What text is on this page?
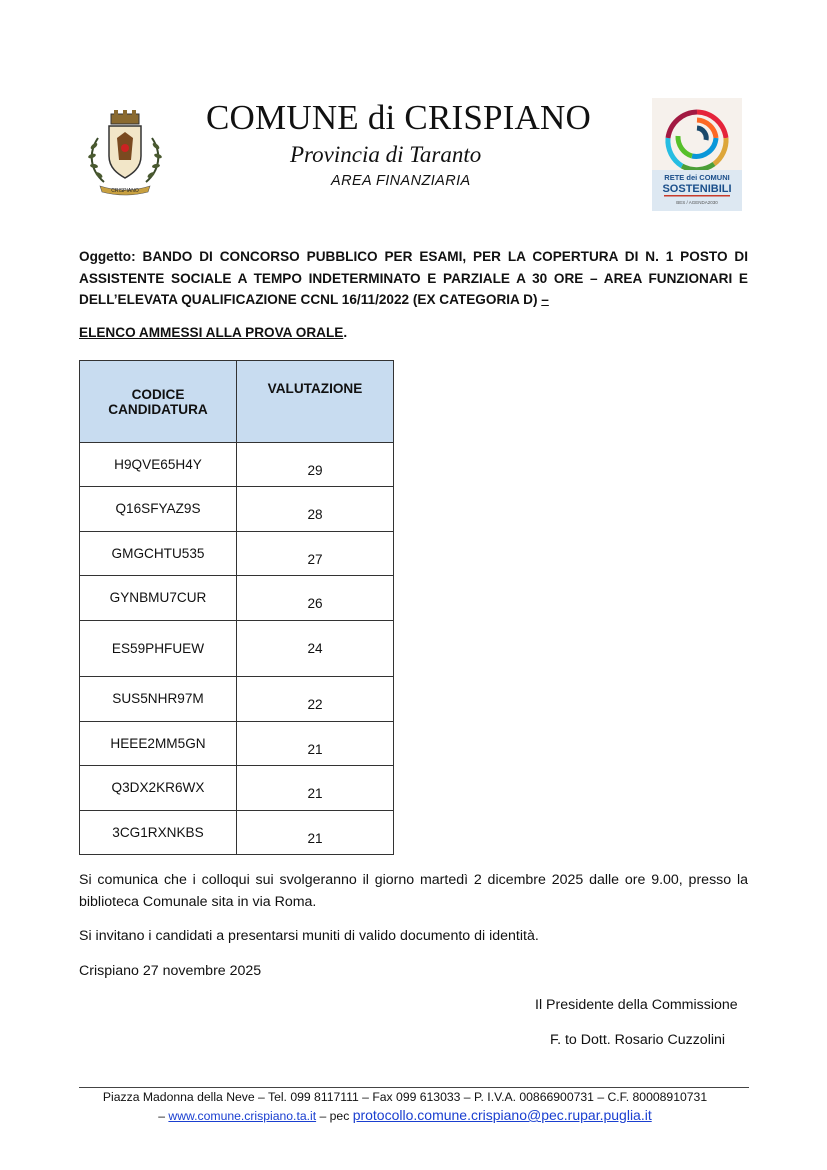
CRISPIANO
COMUNE di CRISPIANO
Provincia di Taranto
AREA FINANZIARIA	RETE dei COMUNI
SOSTENIBILI
BES / AGENDA2030
Oggetto: BANDO DI CONCORSO PUBBLICO PER ESAMI, PER LA COPERTURA DI N. 1 POSTO DI ASSISTENTE SOCIALE A TEMPO INDETERMINATO E PARZIALE A 30 ORE – AREA FUNZIONARI E DELL’ELEVATA QUALIFICAZIONE CCNL 16/11/2022 (EX CATEGORIA D) –
ELENCO AMMESSI ALLA PROVA ORALE.
CODICE CANDIDATURA	VALUTAZIONE
H9QVE65H4Y	29
Q16SFYAZ9S	28
GMGCHTU535	27
GYNBMU7CUR	26
ES59PHFUEW	24
SUS5NHR97M	22
HEEE2MM5GN	21
Q3DX2KR6WX	21
3CG1RXNKBS	21
Si comunica che i colloqui sui svolgeranno il giorno martedì 2 dicembre 2025 dalle ore 9.00, presso la biblioteca Comunale sita in via Roma.
Si invitano i candidati a presentarsi muniti di valido documento di identità.
Crispiano 27 novembre 2025
Il Presidente della Commissione
F. to Dott. Rosario Cuzzolini
Piazza Madonna della Neve – Tel. 099 8117111 – Fax 099 613033 – P. I.V.A. 00866900731 – C.F. 80008910731
– www.comune.crispiano.ta.it – pec protocollo.comune.crispiano@pec.rupar.puglia.it
